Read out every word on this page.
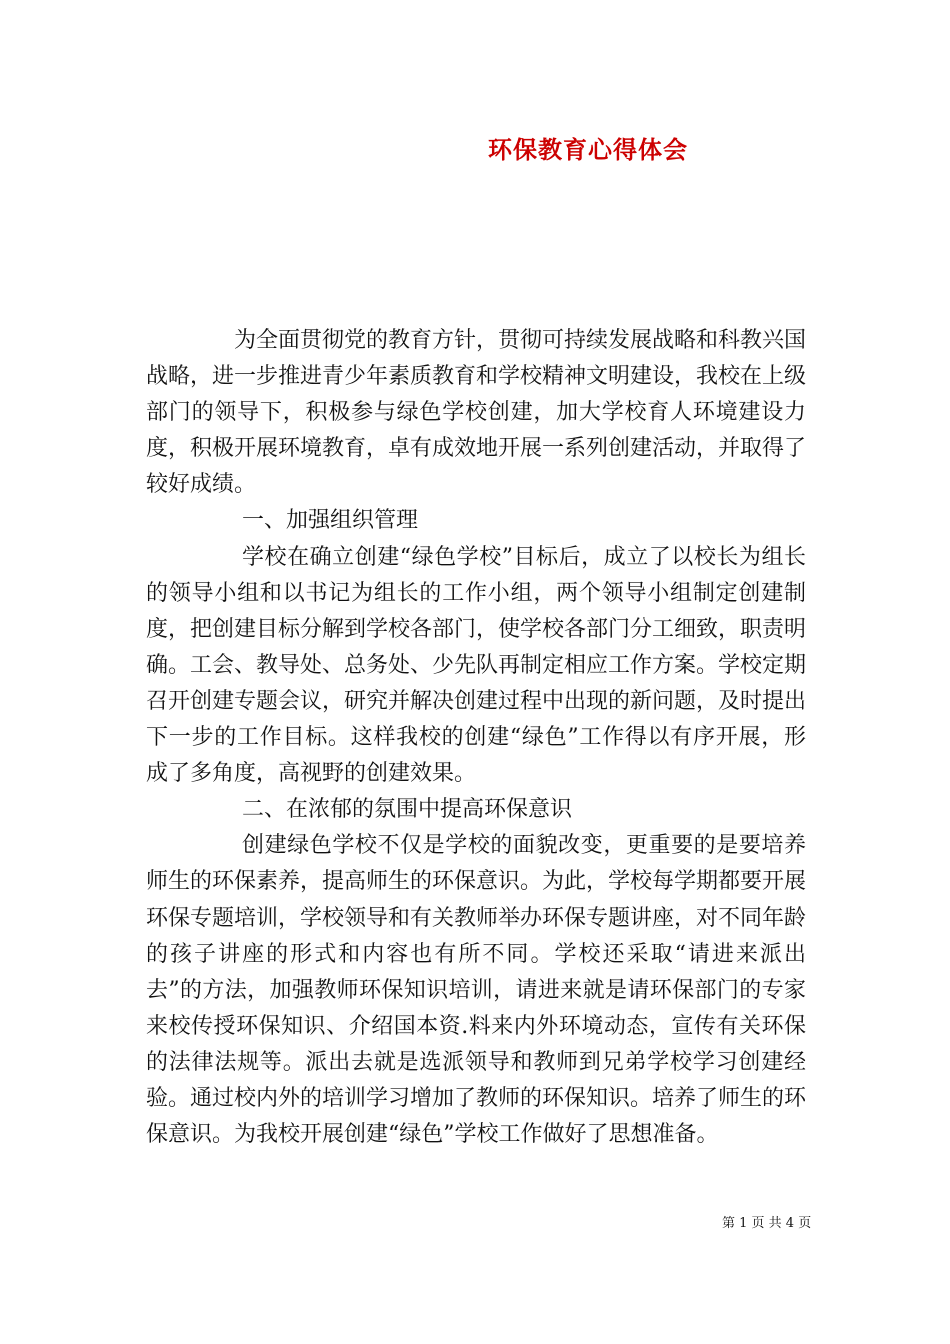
环保教育心得体会

为全面贯彻党的教育方针，贯彻可持续发展战略和科教兴国战略，进一步推进青少年素质教育和学校精神文明建设，我校在上级部门的领导下，积极参与绿色学校创建，加大学校育人环境建设力度，积极开展环境教育，卓有成效地开展一系列创建活动，并取得了较好成绩。

一、加强组织管理

学校在确立创建“绿色学校”目标后，成立了以校长为组长的领导小组和以书记为组长的工作小组，两个领导小组制定创建制度，把创建目标分解到学校各部门，使学校各部门分工细致，职责明确。工会、教导处、总务处、少先队再制定相应工作方案。学校定期召开创建专题会议，研究并解决创建过程中出现的新问题，及时提出下一步的工作目标。这样我校的创建“绿色”工作得以有序开展，形成了多角度，高视野的创建效果。

二、在浓郁的氛围中提高环保意识

创建绿色学校不仅是学校的面貌改变，更重要的是要培养师生的环保素养，提高师生的环保意识。为此，学校每学期都要开展环保专题培训，学校领导和有关教师举办环保专题讲座，对不同年龄的孩子讲座的形式和内容也有所不同。学校还采取“请进来派出去”的方法，加强教师环保知识培训，请进来就是请环保部门的专家来校传授环保知识、介绍国本资.料来内外环境动态，宣传有关环保的法律法规等。派出去就是选派领导和教师到兄弟学校学习创建经验。通过校内外的培训学习增加了教师的环保知识。培养了师生的环保意识。为我校开展创建“绿色”学校工作做好了思想准备。

第 1 页 共 4 页
